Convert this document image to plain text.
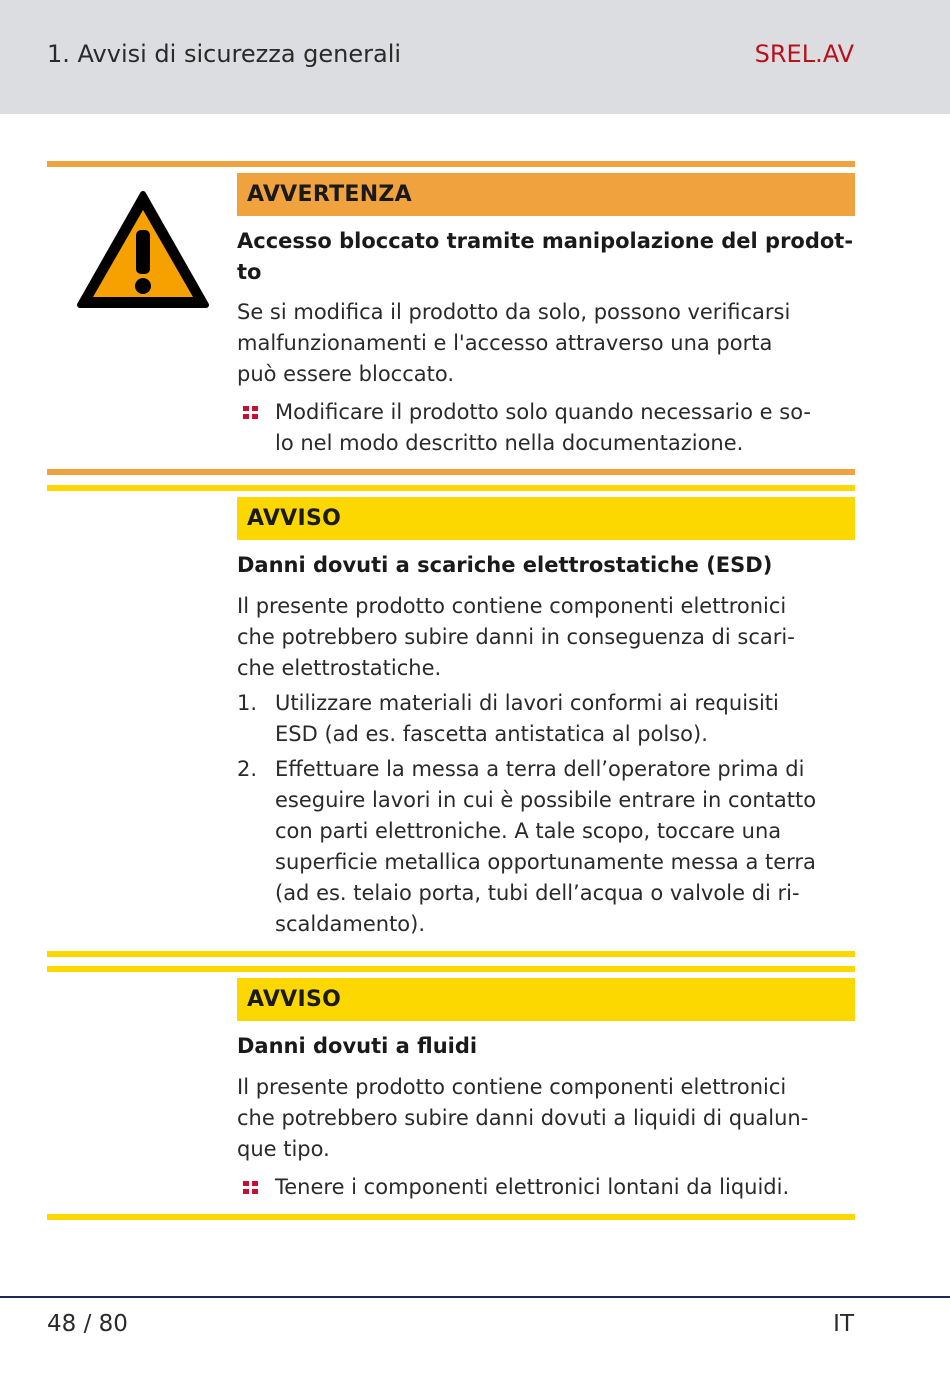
1. Avvisi di sicurezza generali	SREL.AV
AVVERTENZA
Accesso bloccato tramite manipolazione del prodot-
to
Se si modifica il prodotto da solo, possono verificarsi
malfunzionamenti e l'accesso attraverso una porta
può essere bloccato.
Modificare il prodotto solo quando necessario e so-
lo nel modo descritto nella documentazione.
AVVISO
Danni dovuti a scariche elettrostatiche (ESD)
Il presente prodotto contiene componenti elettronici
che potrebbero subire danni in conseguenza di scari-
che elettrostatiche.
1. Utilizzare materiali di lavori conformi ai requisiti
ESD (ad es. fascetta antistatica al polso).
2. Effettuare la messa a terra dell’operatore prima di
eseguire lavori in cui è possibile entrare in contatto
con parti elettroniche. A tale scopo, toccare una
superficie metallica opportunamente messa a terra
(ad es. telaio porta, tubi dell’acqua o valvole di ri-
scaldamento).
AVVISO
Danni dovuti a fluidi
Il presente prodotto contiene componenti elettronici
che potrebbero subire danni dovuti a liquidi di qualun-
que tipo.
Tenere i componenti elettronici lontani da liquidi.
48 / 80	IT
